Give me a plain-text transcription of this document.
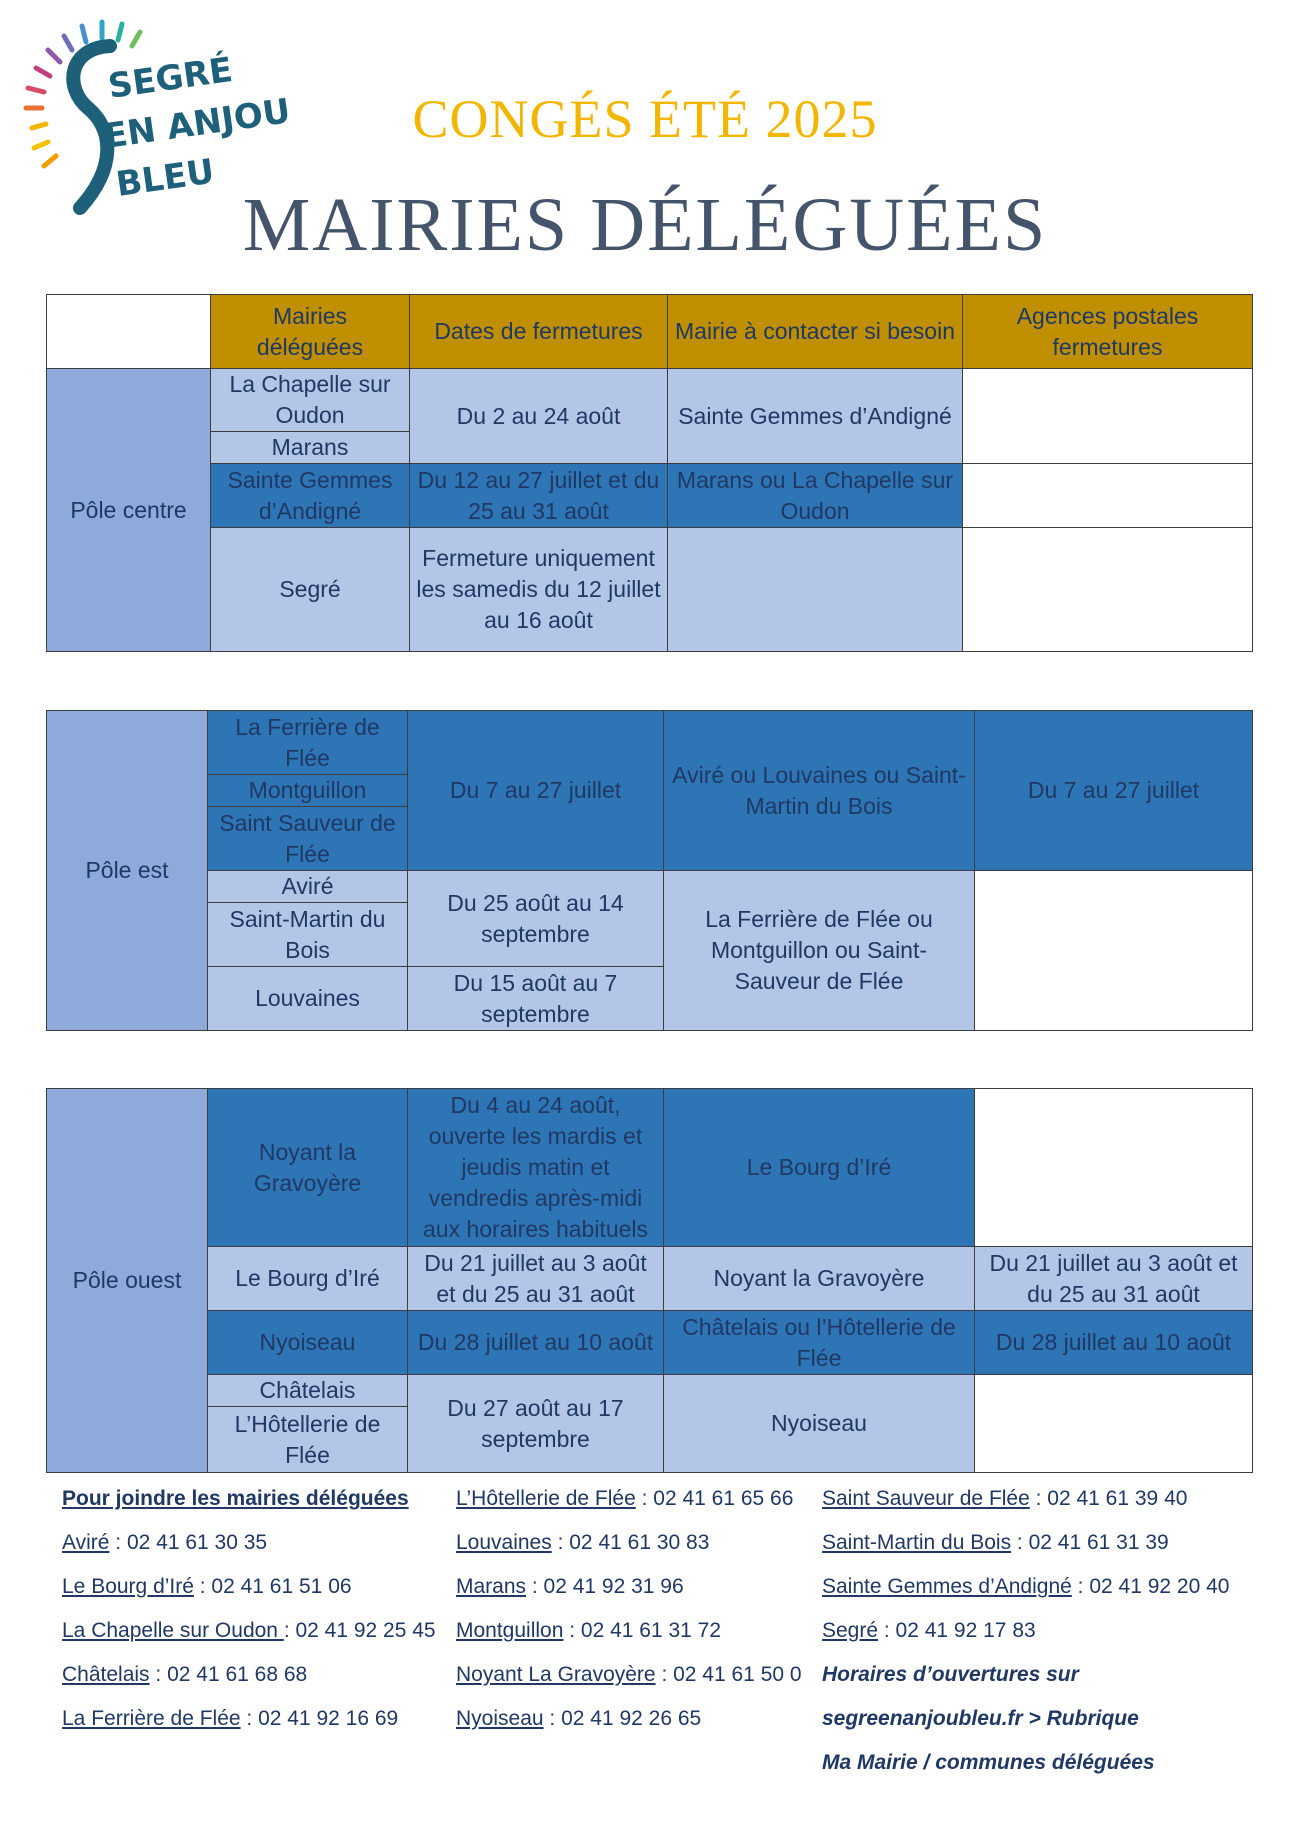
SEGRÉ
EN ANJOU
BLEU
CONGÉS ÉTÉ 2025
MAIRIES DÉLÉGUÉES
	Mairies déléguées	Dates de fermetures	Mairie à contacter si besoin	Agences postales fermetures
Pôle centre	La Chapelle sur Oudon	Du 2 au 24 août	Sainte Gemmes d’Andigné	
	Marans			
	Sainte Gemmes d’Andigné	Du 12 au 27 juillet et du 25 au 31 août	Marans ou La Chapelle sur Oudon	
	Segré	Fermeture uniquement les samedis du 12 juillet au 16 août		
Pôle est	La Ferrière de Flée	Du 7 au 27 juillet	Aviré ou Louvaines ou Saint-Martin du Bois	Du 7 au 27 juillet
	Montguillon			
	Saint Sauveur de Flée			
	Aviré	Du 25 août au 14 septembre	La Ferrière de Flée ou Montguillon ou Saint-Sauveur de Flée	
	Saint-Martin du Bois			
	Louvaines	Du 15 août au 7 septembre		
Pôle ouest	Noyant la Gravoyère	Du 4 au 24 août, ouverte les mardis et jeudis matin et vendredis après-midi aux horaires habituels	Le Bourg d’Iré	
	Le Bourg d’Iré	Du 21 juillet au 3 août et du 25 au 31 août	Noyant la Gravoyère	Du 21 juillet au 3 août et du 25 au 31 août
	Nyoiseau	Du 28 juillet au 10 août	Châtelais ou l’Hôtellerie de Flée	Du 28 juillet au 10 août
	Châtelais	Du 27 août au 17 septembre	Nyoiseau	
	L’Hôtellerie de Flée			
Pour joindre les mairies déléguées
Aviré : 02 41 61 30 35
Le Bourg d’Iré : 02 41 61 51 06
La Chapelle sur Oudon : 02 41 92 25 45
Châtelais : 02 41 61 68 68
La Ferrière de Flée : 02 41 92 16 69
L’Hôtellerie de Flée : 02 41 61 65 66
Louvaines : 02 41 61 30 83
Marans : 02 41 92 31 96
Montguillon : 02 41 61 31 72
Noyant La Gravoyère : 02 41 61 50 0
Nyoiseau : 02 41 92 26 65
Saint Sauveur de Flée : 02 41 61 39 40
Saint-Martin du Bois : 02 41 61 31 39
Sainte Gemmes d’Andigné : 02 41 92 20 40
Segré : 02 41 92 17 83
Horaires d’ouvertures sur
segreenanjoubleu.fr > Rubrique
Ma Mairie / communes déléguées
